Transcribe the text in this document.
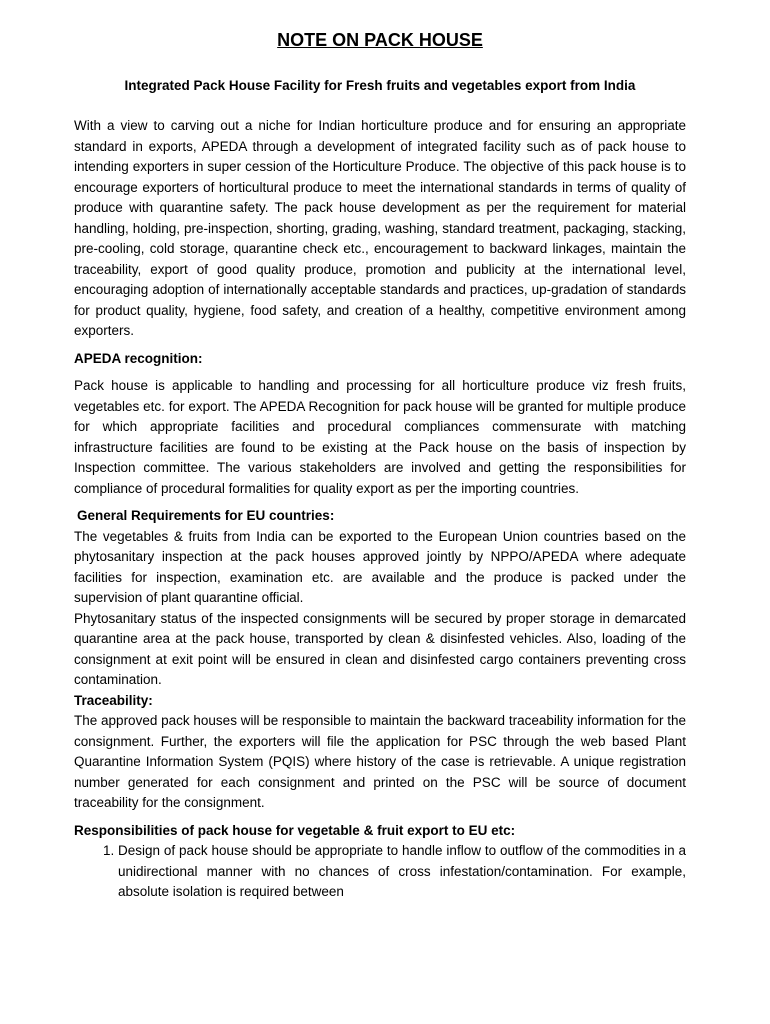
NOTE ON PACK HOUSE
Integrated Pack House Facility for Fresh fruits and vegetables export from India

With a view to carving out a niche for Indian horticulture produce and for ensuring an appropriate standard in exports, APEDA through a development of integrated facility such as of pack house to intending exporters in super cession of the Horticulture Produce. The objective of this pack house is to encourage exporters of horticultural produce to meet the international standards in terms of quality of produce with quarantine safety. The pack house development as per the requirement for material handling, holding, pre-inspection, shorting, grading, washing, standard treatment, packaging, stacking, pre-cooling, cold storage, quarantine check etc., encouragement to backward linkages, maintain the traceability, export of good quality produce, promotion and publicity at the international level, encouraging adoption of internationally acceptable standards and practices, up-gradation of standards for product quality, hygiene, food safety, and creation of a healthy, competitive environment among exporters.

APEDA recognition:

Pack house is applicable to handling and processing for all horticulture produce viz fresh fruits, vegetables etc. for export. The APEDA Recognition for pack house will be granted for multiple produce for which appropriate facilities and procedural compliances commensurate with matching infrastructure facilities are found to be existing at the Pack house on the basis of inspection by Inspection committee. The various stakeholders are involved and getting the responsibilities for compliance of procedural formalities for quality export as per the importing countries.

General Requirements for EU countries:

The vegetables & fruits from India can be exported to the European Union countries based on the phytosanitary inspection at the pack houses approved jointly by NPPO/APEDA where adequate facilities for inspection, examination etc. are available and the produce is packed under the supervision of plant quarantine official.

Phytosanitary status of the inspected consignments will be secured by proper storage in demarcated quarantine area at the pack house, transported by clean & disinfested vehicles. Also, loading of the consignment at exit point will be ensured in clean and disinfested cargo containers preventing cross contamination.

Traceability:

The approved pack houses will be responsible to maintain the backward traceability information for the consignment. Further, the exporters will file the application for PSC through the web based Plant Quarantine Information System (PQIS) where history of the case is retrievable. A unique registration number generated for each consignment and printed on the PSC will be source of document traceability for the consignment.

Responsibilities of pack house for vegetable & fruit export to EU etc:
1. Design of pack house should be appropriate to handle inflow to outflow of the commodities in a unidirectional manner with no chances of cross infestation/contamination. For example, absolute isolation is required between
